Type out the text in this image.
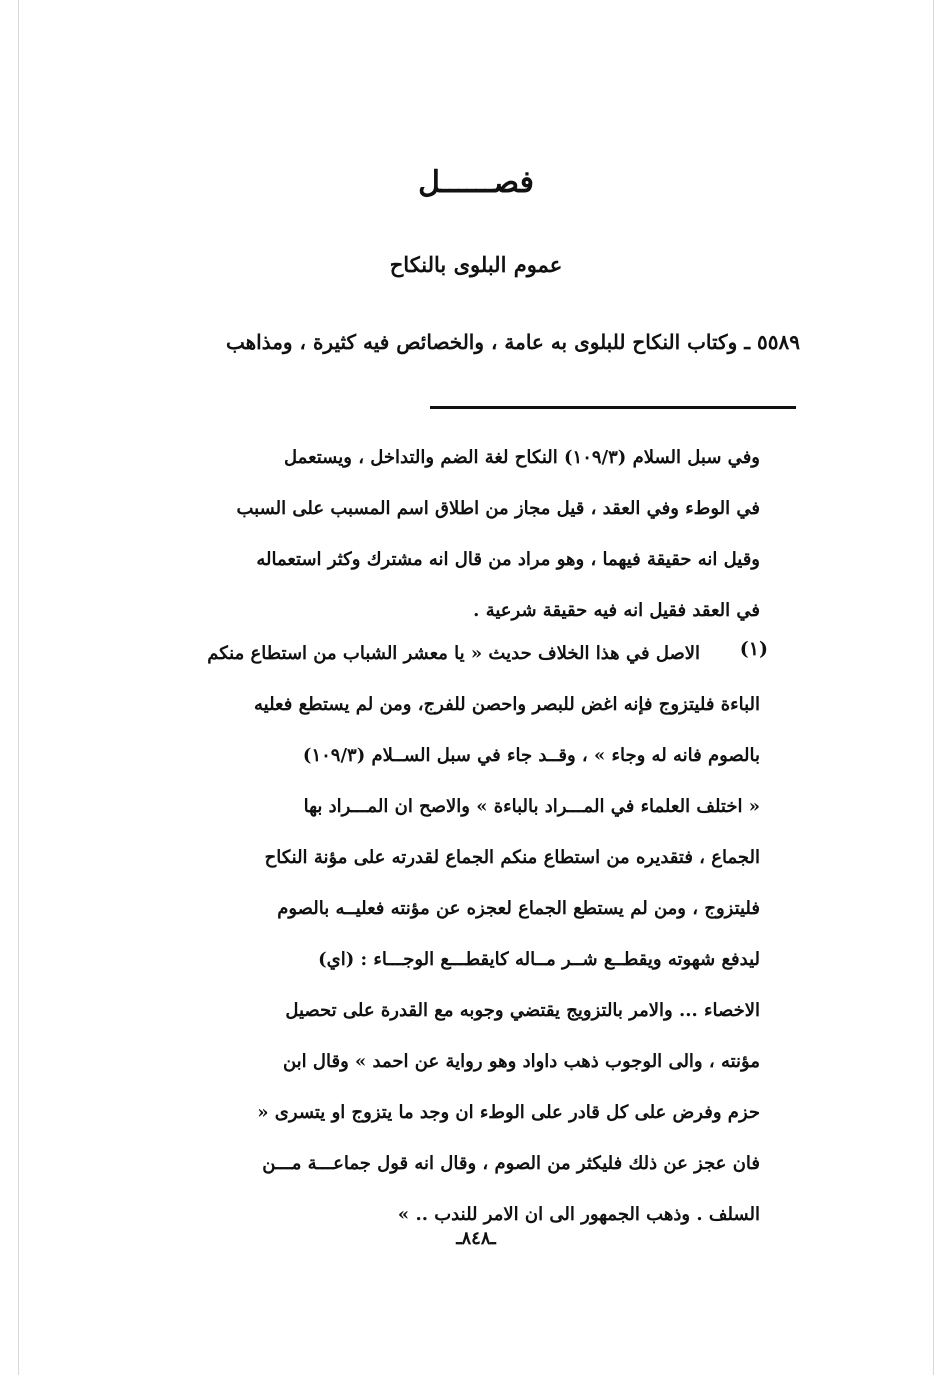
فصــــــل
عموم البلوى بالنكاح
٥٥٨٩ ـ وكتاب النكاح للبلوى به عامة ، والخصائص فيه كثيرة ، ومذاهب
وفي سبل السلام (١٠٩/٣) النكاح لغة الضم والتداخل ، ويستعمل
في الوطء وفي العقد ، قيل مجاز من اطلاق اسم المسبب على السبب
وقيل انه حقيقة فيهما ، وهو مراد من قال انه مشترك وكثر استعماله
في العقد فقيل انه فيه حقيقة شرعية .
(١)
الاصل في هذا الخلاف حديث « يا معشر الشباب من استطاع منكم
الباءة فليتزوج فإنه اغض للبصر واحصن للفرج، ومن لم يستطع فعليه
بالصوم فانه له وجاء » ، وقــد جاء في سبل الســلام (١٠٩/٣)
« اختلف العلماء في المـــراد بالباءة » والاصح ان المـــراد بها
الجماع ، فتقديره من استطاع منكم الجماع لقدرته على مؤنة النكاح
فليتزوج ، ومن لم يستطع الجماع لعجزه عن مؤنته فعليــه بالصوم
ليدفع شهوته ويقطــع شــر مــاله كايقطـــع الوجـــاء : (اي)
الاخصاء ... والامر بالتزويج يقتضي وجوبه مع القدرة على تحصيل
مؤنته ، والى الوجوب ذهب داواد وهو رواية عن احمد » وقال ابن
حزم وفرض على كل قادر على الوطء ان وجد ما يتزوج او يتسرى «
فان عجز عن ذلك فليكثر من الصوم ، وقال انه قول جماعـــة مـــن
السلف . وذهب الجمهور الى ان الامر للندب .. »
ـ٨٤٨ـ
